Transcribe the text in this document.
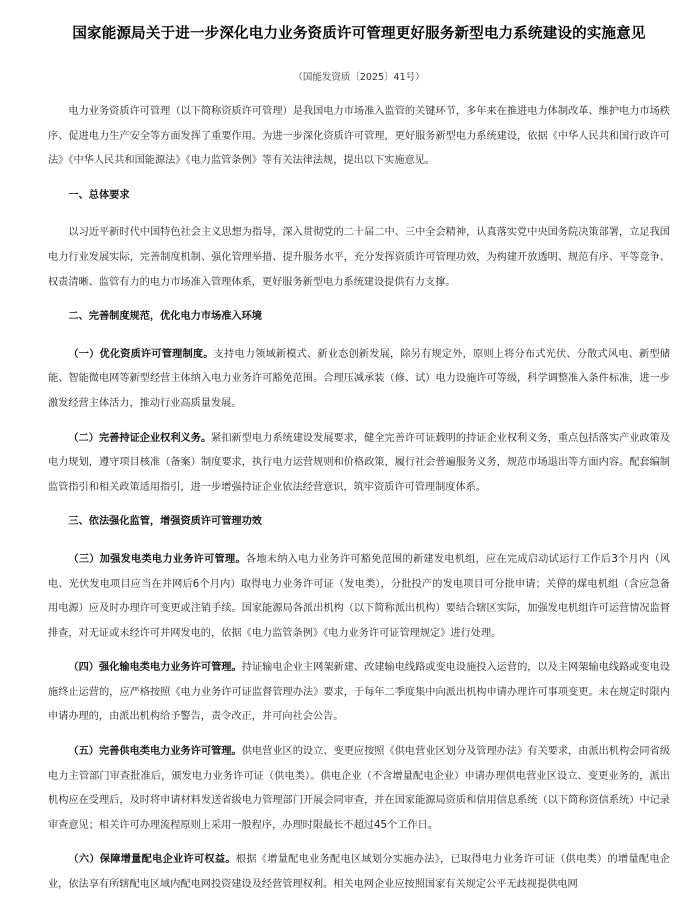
国家能源局关于进一步深化电力业务资质许可管理更好服务新型电力系统建设的实施意见
（国能发资质〔2025〕41号）

电力业务资质许可管理（以下简称资质许可管理）是我国电力市场准入监管的关键环节，多年来在推进电力体制改革、维护电力市场秩序、促进电力生产安全等方面发挥了重要作用。为进一步深化资质许可管理，更好服务新型电力系统建设，依据《中华人民共和国行政许可法》《中华人民共和国能源法》《电力监管条例》等有关法律法规，提出以下实施意见。

一、总体要求

以习近平新时代中国特色社会主义思想为指导，深入贯彻党的二十届二中、三中全会精神，认真落实党中央国务院决策部署，立足我国电力行业发展实际，完善制度机制、强化管理举措、提升服务水平，充分发挥资质许可管理功效，为构建开放透明、规范有序、平等竞争、权责清晰、监管有力的电力市场准入管理体系，更好服务新型电力系统建设提供有力支撑。

二、完善制度规范，优化电力市场准入环境

（一）优化资质许可管理制度。支持电力领域新模式、新业态创新发展，除另有规定外，原则上将分布式光伏、分散式风电、新型储能、智能微电网等新型经营主体纳入电力业务许可豁免范围。合理压减承装（修、试）电力设施许可等级，科学调整准入条件标准，进一步激发经营主体活力，推动行业高质量发展。

（二）完善持证企业权利义务。紧扣新型电力系统建设发展要求，健全完善许可证载明的持证企业权利义务，重点包括落实产业政策及电力规划，遵守项目核准（备案）制度要求，执行电力运营规则和价格政策，履行社会普遍服务义务，规范市场退出等方面内容。配套编制监管指引和相关政策适用指引，进一步增强持证企业依法经营意识，筑牢资质许可管理制度体系。

三、依法强化监管，增强资质许可管理功效

（三）加强发电类电力业务许可管理。各地未纳入电力业务许可豁免范围的新建发电机组，应在完成启动试运行工作后3个月内（风电、光伏发电项目应当在并网后6个月内）取得电力业务许可证（发电类），分批投产的发电项目可分批申请；关停的煤电机组（含应急备用电源）应及时办理许可变更或注销手续。国家能源局各派出机构（以下简称派出机构）要结合辖区实际，加强发电机组许可运营情况监督排查，对无证或未经许可并网发电的，依据《电力监管条例》《电力业务许可证管理规定》进行处理。

（四）强化输电类电力业务许可管理。持证输电企业主网架新建、改建输电线路或变电设施投入运营的，以及主网架输电线路或变电设施终止运营的，应严格按照《电力业务许可证监督管理办法》要求，于每年二季度集中向派出机构申请办理许可事项变更。未在规定时限内申请办理的，由派出机构给予警告，责令改正，并可向社会公告。

（五）完善供电类电力业务许可管理。供电营业区的设立、变更应按照《供电营业区划分及管理办法》有关要求，由派出机构会同省级电力主管部门审查批准后，颁发电力业务许可证（供电类）。供电企业（不含增量配电企业）申请办理供电营业区设立、变更业务的，派出机构应在受理后，及时将申请材料发送省级电力管理部门开展会同审查，并在国家能源局资质和信用信息系统（以下简称资信系统）中记录审查意见；相关许可办理流程原则上采用一般程序，办理时限最长不超过45个工作日。

（六）保障增量配电企业许可权益。根据《增量配电业务配电区域划分实施办法》，已取得电力业务许可证（供电类）的增量配电企业，依法享有所辖配电区域内配电网投资建设及经营管理权利。相关电网企业应按照国家有关规定公平无歧视提供电网
